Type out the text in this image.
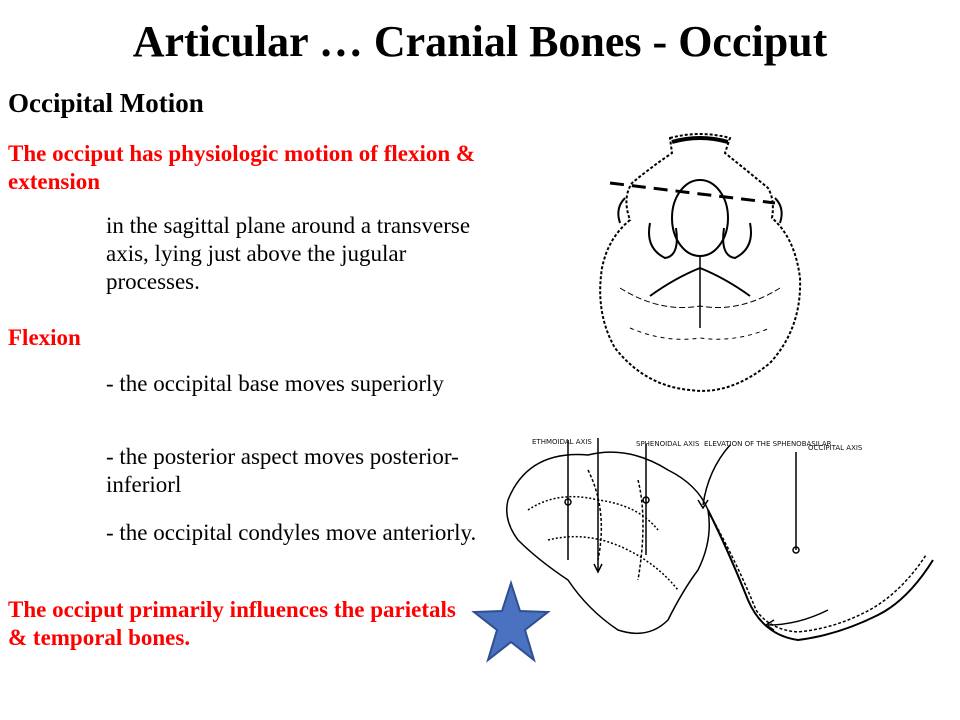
Articular … Cranial Bones - Occiput
Occipital Motion
The occiput has physiologic motion of flexion & extension
in the sagittal plane around a transverse axis, lying just above the jugular processes.
Flexion
- the occipital base moves superiorly
- the posterior aspect moves posterior-inferiorl
- the occipital condyles move anteriorly.
The occiput primarily influences the parietals & temporal bones.
ETHMOIDAL AXIS	SPHENOIDAL AXIS ELEVATION OF THE SPHENOBASILAR
OCCIPITAL AXIS
